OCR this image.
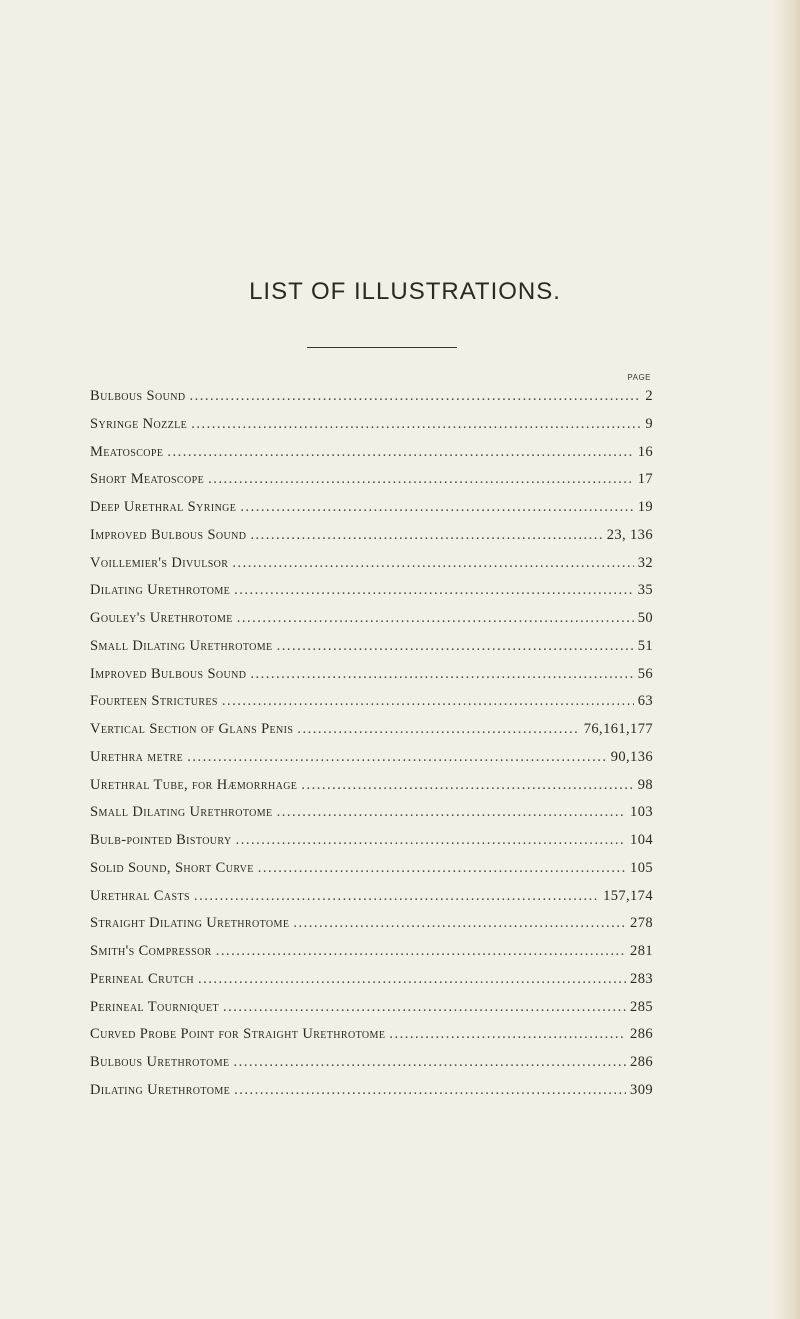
LIST OF ILLUSTRATIONS.
PAGE
Bulbous Sound .....	2
Syringe Nozzle .....	9
Meatoscope .....	16
Short Meatoscope .....	17
Deep Urethral Syringe .....	19
Improved Bulbous Sound .....	23, 136
Voillemier's Divulsor .....	32
Dilating Urethrotome .....	35
Gouley's Urethrotome .....	50
Small Dilating Urethrotome .....	51
Improved Bulbous Sound .....	56
Fourteen Strictures .....	63
Vertical Section of Glans Penis .....	76,161,177
Urethra metre .....	90,136
Urethral Tube, for Hæmorrhage .....	98
Small Dilating Urethrotome .....	103
Bulb-pointed Bistoury .....	104
Solid Sound, Short Curve .....	105
Urethral Casts .....	157,174
Straight Dilating Urethrotome .....	278
Smith's Compressor .....	281
Perineal Crutch .....	283
Perineal Tourniquet .....	285
Curved Probe Point for Straight Urethrotome .....	286
Bulbous Urethrotome .....	286
Dilating Urethrotome .....	309
